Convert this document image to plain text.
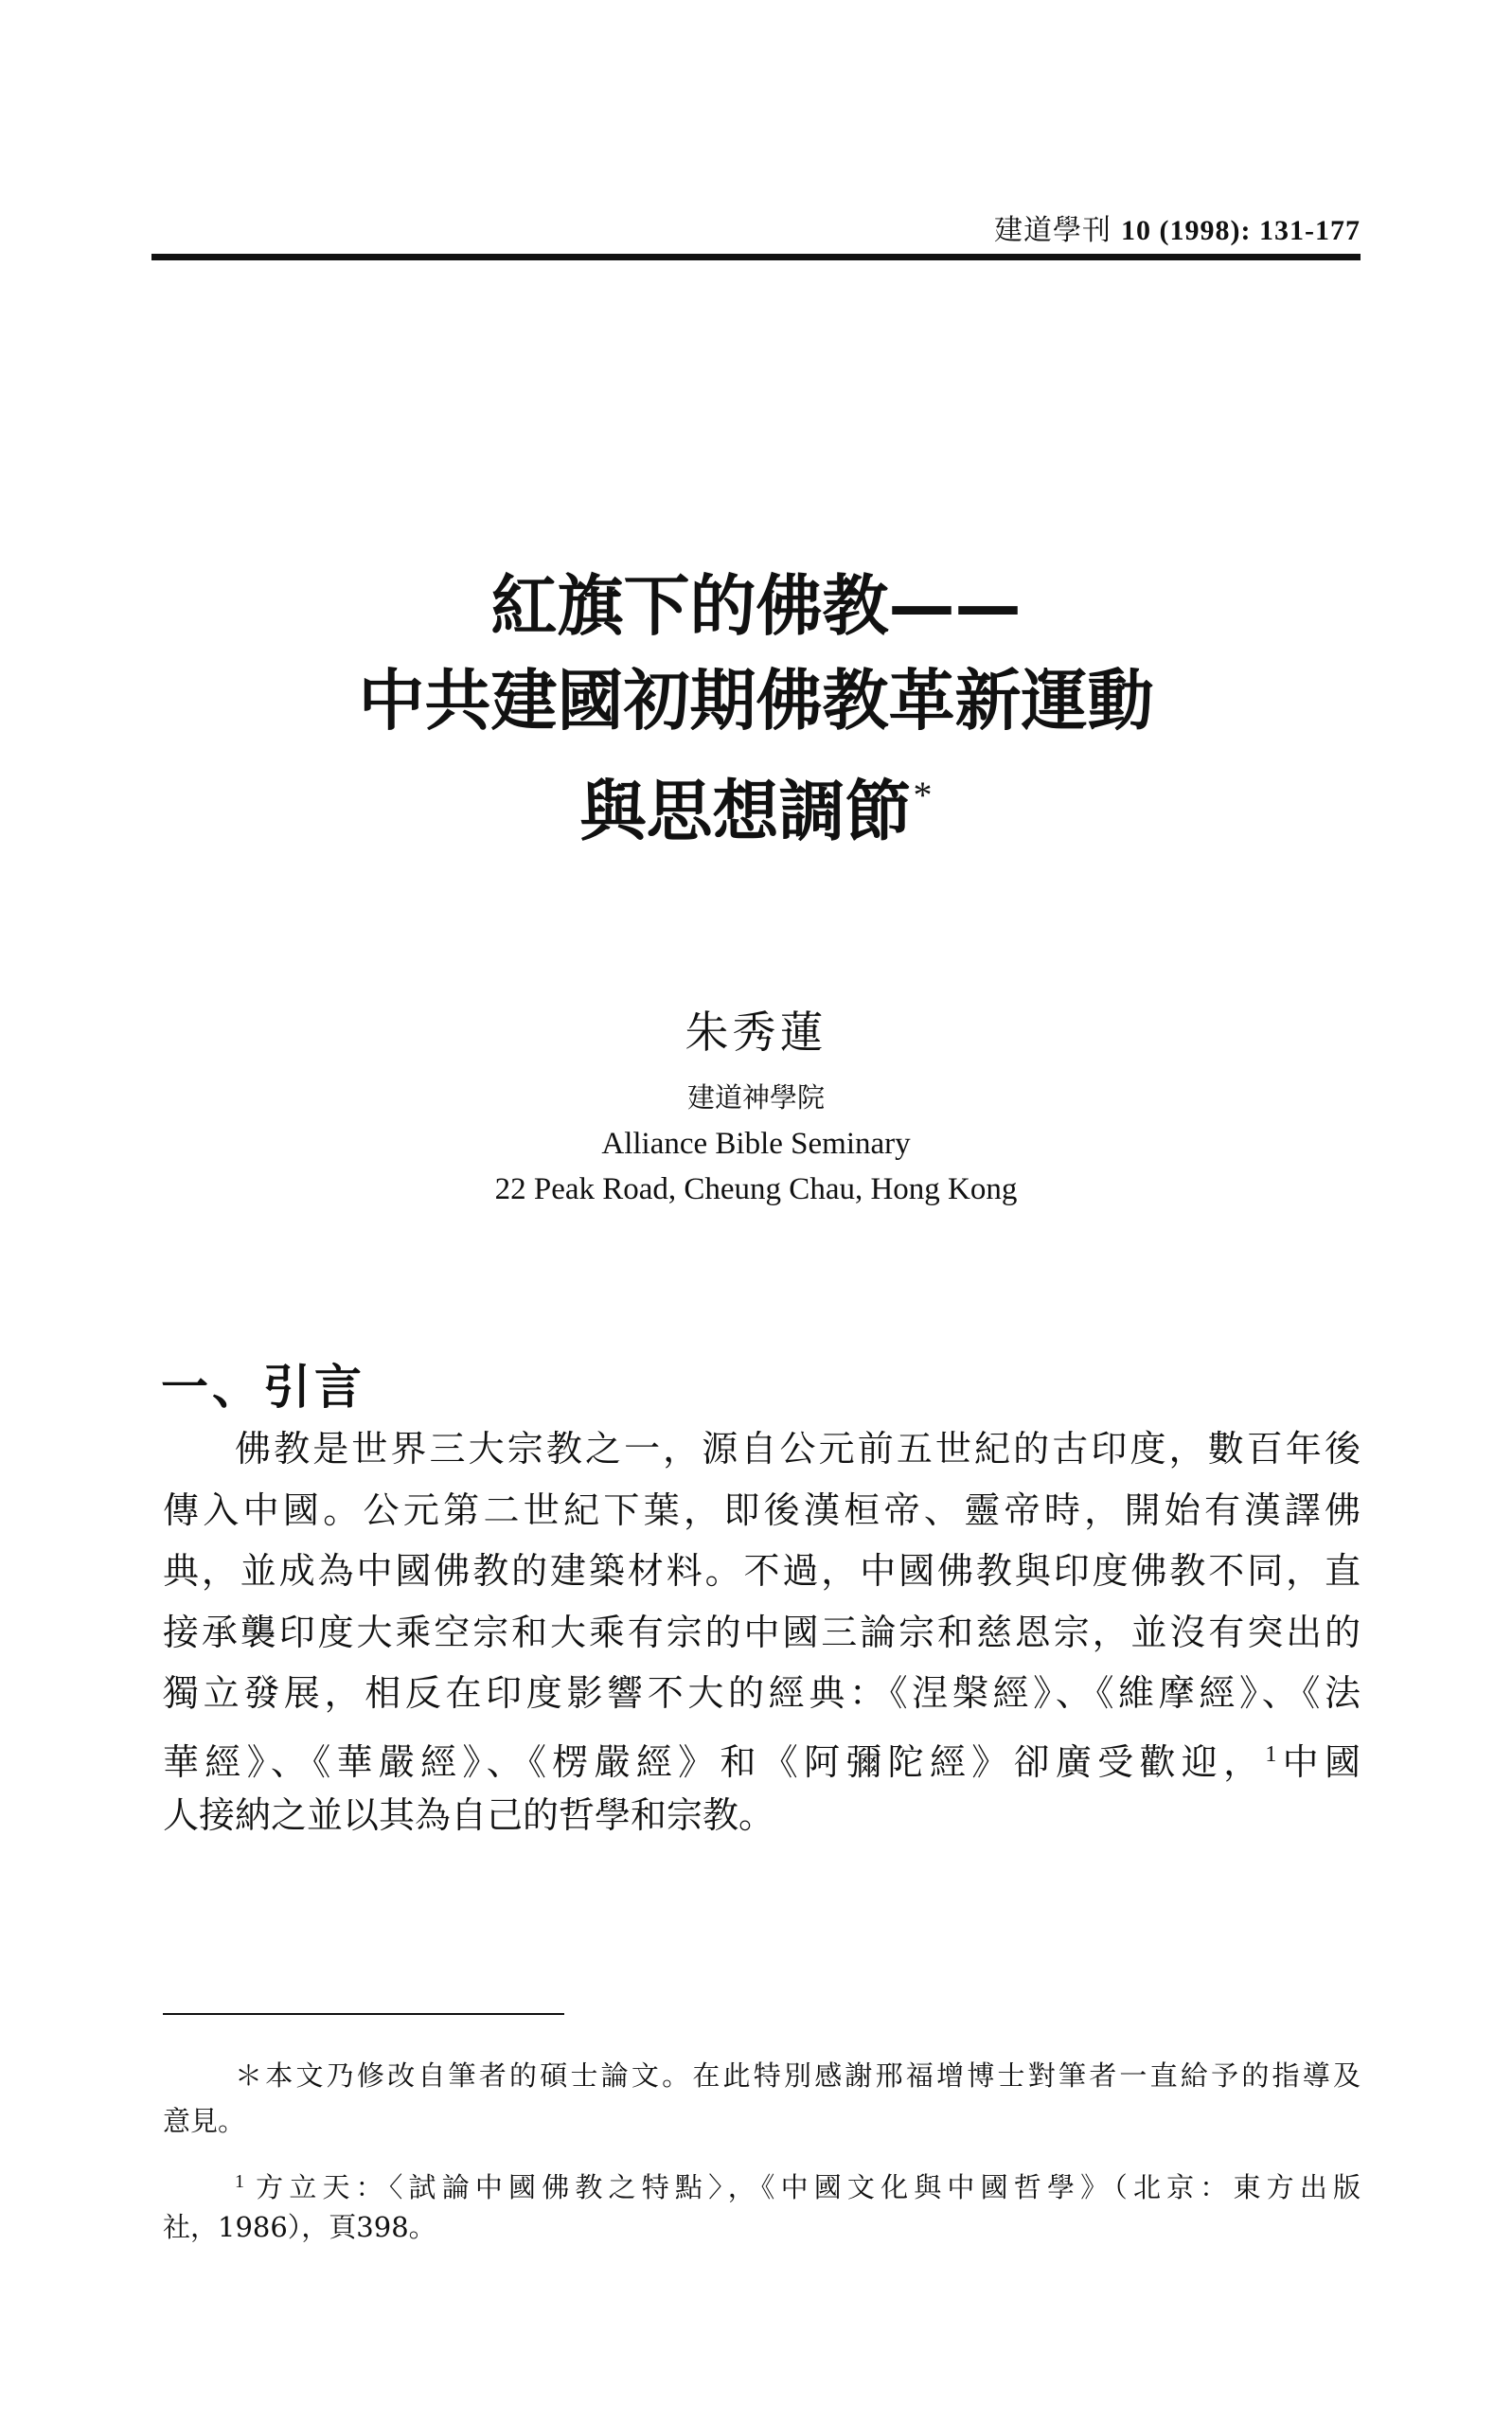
建道學刊 10 (1998): 131-177
紅旗下的佛教——
中共建國初期佛教革新運動
與思想調節*
朱秀蓮
建道神學院
Alliance Bible Seminary
22 Peak Road, Cheung Chau, Hong Kong
一、引言
佛教是世界三大宗教之一，源自公元前五世紀的古印度，數百年後
傳入中國。公元第二世紀下葉，即後漢桓帝、靈帝時，開始有漢譯佛
典，並成為中國佛教的建築材料。不過，中國佛教與印度佛教不同，直
接承襲印度大乘空宗和大乘有宗的中國三論宗和慈恩宗，並沒有突出的
獨立發展，相反在印度影響不大的經典：《涅槃經》、《維摩經》、《法
華經》、《華嚴經》、《楞嚴經》和《阿彌陀經》卻廣受歡迎，$^1$中國
人接納之並以其為自己的哲學和宗教。
＊本文乃修改自筆者的碩士論文。在此特別感謝邢福增博士對筆者一直給予的指導及
意見。
$^1$ 方立天：〈試論中國佛教之特點〉，《中國文化與中國哲學》（北京：東方出版
社，1986），頁398。
